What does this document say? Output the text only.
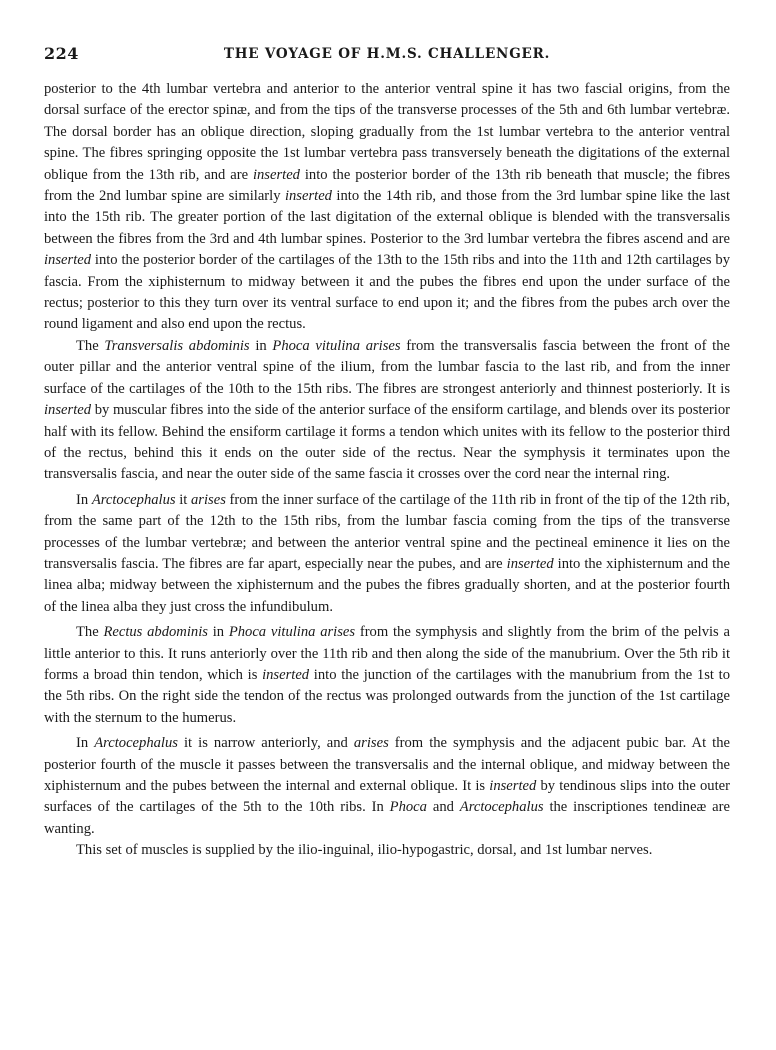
224	THE VOYAGE OF H.M.S. CHALLENGER.

posterior to the 4th lumbar vertebra and anterior to the anterior ventral spine it has two fascial origins, from the dorsal surface of the erector spinæ, and from the tips of the transverse processes of the 5th and 6th lumbar vertebræ. The dorsal border has an oblique direction, sloping gradually from the 1st lumbar vertebra to the anterior ventral spine. The fibres springing opposite the 1st lumbar vertebra pass transversely beneath the digitations of the external oblique from the 13th rib, and are inserted into the posterior border of the 13th rib beneath that muscle; the fibres from the 2nd lumbar spine are similarly inserted into the 14th rib, and those from the 3rd lumbar spine like the last into the 15th rib. The greater portion of the last digitation of the external oblique is blended with the transversalis between the fibres from the 3rd and 4th lumbar spines. Posterior to the 3rd lumbar vertebra the fibres ascend and are inserted into the posterior border of the cartilages of the 13th to the 15th ribs and into the 11th and 12th cartilages by fascia. From the xiphisternum to midway between it and the pubes the fibres end upon the under surface of the rectus; posterior to this they turn over its ventral surface to end upon it; and the fibres from the pubes arch over the round ligament and also end upon the rectus.

The Transversalis abdominis in Phoca vitulina arises from the transversalis fascia between the front of the outer pillar and the anterior ventral spine of the ilium, from the lumbar fascia to the last rib, and from the inner surface of the cartilages of the 10th to the 15th ribs. The fibres are strongest anteriorly and thinnest posteriorly. It is inserted by muscular fibres into the side of the anterior surface of the ensiform cartilage, and blends over its posterior half with its fellow. Behind the ensiform cartilage it forms a tendon which unites with its fellow to the posterior third of the rectus, behind this it ends on the outer side of the rectus. Near the symphysis it terminates upon the transversalis fascia, and near the outer side of the same fascia it crosses over the cord near the internal ring.

In Arctocephalus it arises from the inner surface of the cartilage of the 11th rib in front of the tip of the 12th rib, from the same part of the 12th to the 15th ribs, from the lumbar fascia coming from the tips of the transverse processes of the lumbar vertebræ; and between the anterior ventral spine and the pectineal eminence it lies on the transversalis fascia. The fibres are far apart, especially near the pubes, and are inserted into the xiphisternum and the linea alba; midway between the xiphisternum and the pubes the fibres gradually shorten, and at the posterior fourth of the linea alba they just cross the infundibulum.

The Rectus abdominis in Phoca vitulina arises from the symphysis and slightly from the brim of the pelvis a little anterior to this. It runs anteriorly over the 11th rib and then along the side of the manubrium. Over the 5th rib it forms a broad thin tendon, which is inserted into the junction of the cartilages with the manubrium from the 1st to the 5th ribs. On the right side the tendon of the rectus was prolonged outwards from the junction of the 1st cartilage with the sternum to the humerus.

In Arctocephalus it is narrow anteriorly, and arises from the symphysis and the adjacent pubic bar. At the posterior fourth of the muscle it passes between the transversalis and the internal oblique, and midway between the xiphisternum and the pubes between the internal and external oblique. It is inserted by tendinous slips into the outer surfaces of the cartilages of the 5th to the 10th ribs. In Phoca and Arctocephalus the inscriptiones tendineæ are wanting.

This set of muscles is supplied by the ilio-inguinal, ilio-hypogastric, dorsal, and 1st lumbar nerves.
